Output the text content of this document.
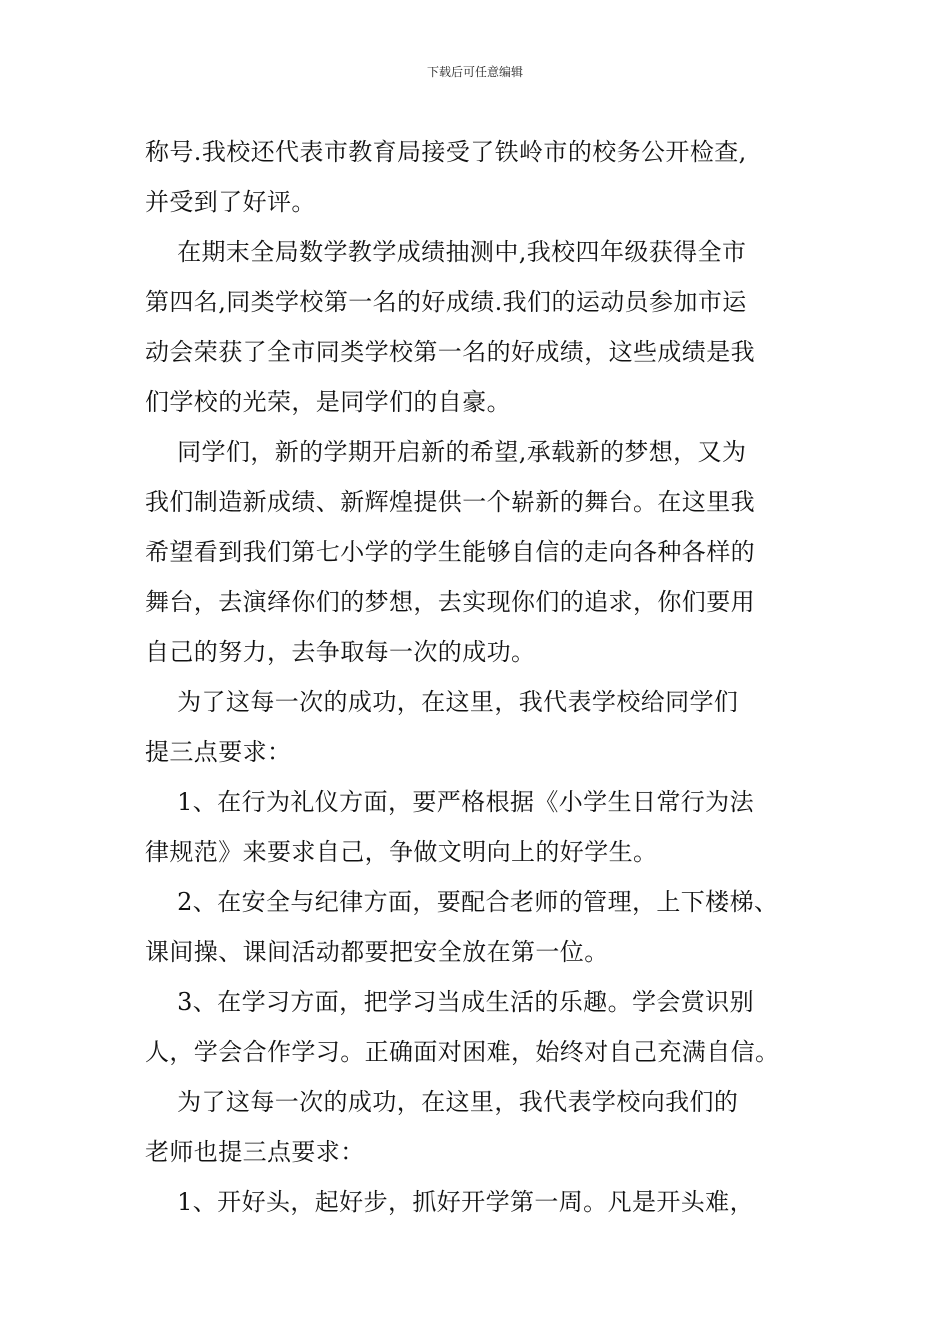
下载后可任意编辑

称号.我校还代表市教育局接受了铁岭市的校务公开检查,

并受到了好评。

在期末全局数学教学成绩抽测中,我校四年级获得全市

第四名,同类学校第一名的好成绩.我们的运动员参加市运

动会荣获了全市同类学校第一名的好成绩，这些成绩是我

们学校的光荣，是同学们的自豪。

同学们，新的学期开启新的希望,承载新的梦想，又为

我们制造新成绩、新辉煌提供一个崭新的舞台。在这里我

希望看到我们第七小学的学生能够自信的走向各种各样的

舞台，去演绎你们的梦想，去实现你们的追求，你们要用

自己的努力，去争取每一次的成功。

为了这每一次的成功，在这里，我代表学校给同学们

提三点要求：

1、在行为礼仪方面，要严格根据《小学生日常行为法

律规范》来要求自己，争做文明向上的好学生。

2、在安全与纪律方面，要配合老师的管理，上下楼梯、

课间操、课间活动都要把安全放在第一位。

3、在学习方面，把学习当成生活的乐趣。学会赏识别

人，学会合作学习。正确面对困难，始终对自己充满自信。

为了这每一次的成功，在这里，我代表学校向我们的

老师也提三点要求：

1、开好头，起好步，抓好开学第一周。凡是开头难，
